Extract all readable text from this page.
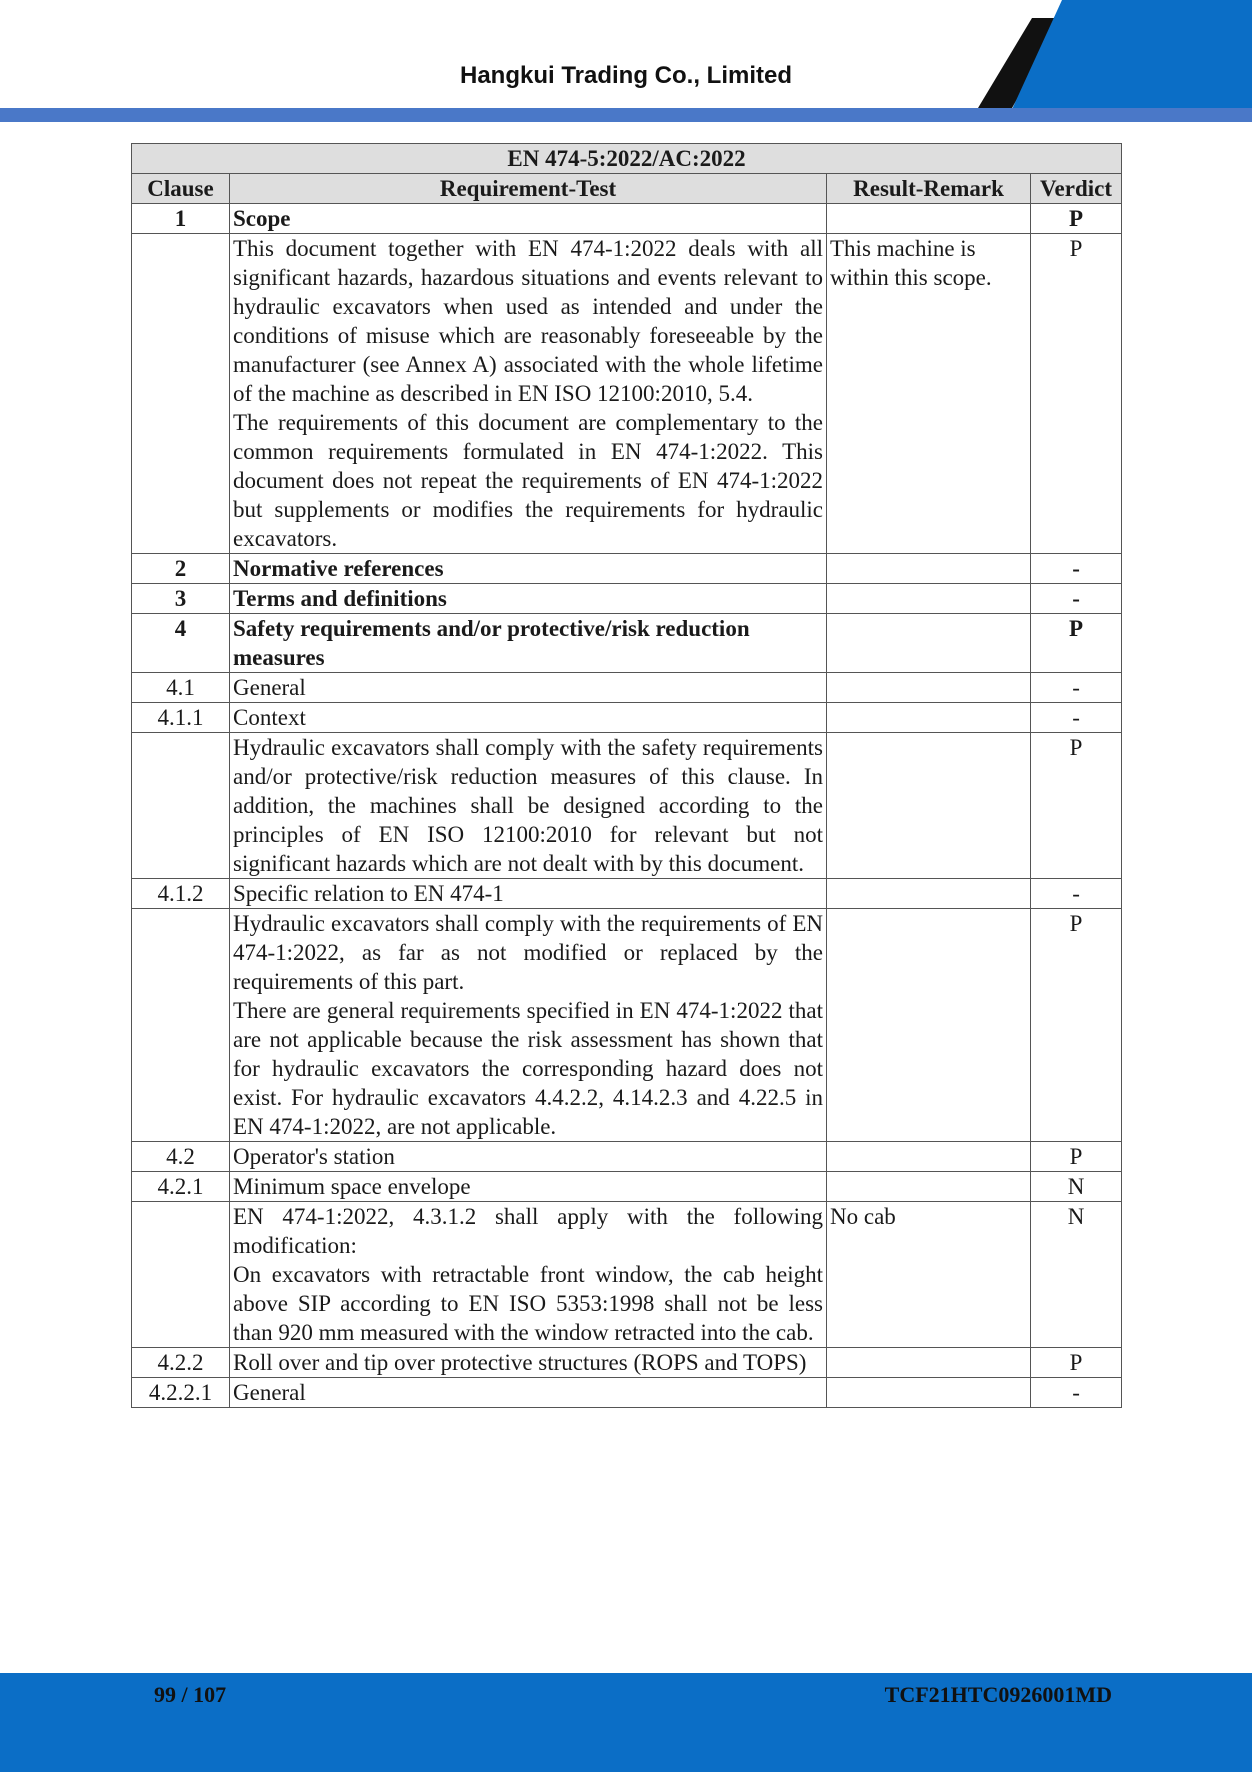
Hangkui Trading Co., Limited
EN 474-5:2022/AC:2022			
Clause	Requirement-Test	Result-Remark	Verdict
1	Scope		P

	This document together with EN 474-1:2022 deals with all significant hazards, hazardous situations and events relevant to hydraulic excavators when used as intended and under the conditions of misuse which are reasonably foreseeable by the manufacturer (see Annex A) associated with the whole lifetime of the machine as described in EN ISO 12100:2010, 5.4.
The requirements of this document are complementary to the common requirements formulated in EN 474-1:2022. This document does not repeat the requirements of EN 474-1:2022 but supplements or modifies the requirements for hydraulic excavators.	This machine is within this scope.	P
2	Normative references		-
3	Terms and definitions		-
4	Safety requirements and/or protective/risk reduction measures		P
4.1	General		-
4.1.1	Context		-

	Hydraulic excavators shall comply with the safety requirements and/or protective/risk reduction measures of this clause. In addition, the machines shall be designed according to the principles of EN ISO 12100:2010 for relevant but not significant hazards which are not dealt with by this document.		P
4.1.2	Specific relation to EN 474-1		-

	Hydraulic excavators shall comply with the requirements of EN 474-1:2022, as far as not modified or replaced by the requirements of this part.
There are general requirements specified in EN 474-1:2022 that are not applicable because the risk assessment has shown that for hydraulic excavators the corresponding hazard does not exist. For hydraulic excavators 4.4.2.2, 4.14.2.3 and 4.22.5 in EN 474-1:2022, are not applicable.		P
4.2	Operator's station		P
4.2.1	Minimum space envelope		N

	EN 474-1:2022, 4.3.1.2 shall apply with the following modification:
On excavators with retractable front window, the cab height above SIP according to EN ISO 5353:1998 shall not be less than 920 mm measured with the window retracted into the cab.	No cab	N
4.2.2	Roll over and tip over protective structures (ROPS and TOPS)		P
4.2.2.1	General		-
99 / 107	TCF21HTC0926001MD
